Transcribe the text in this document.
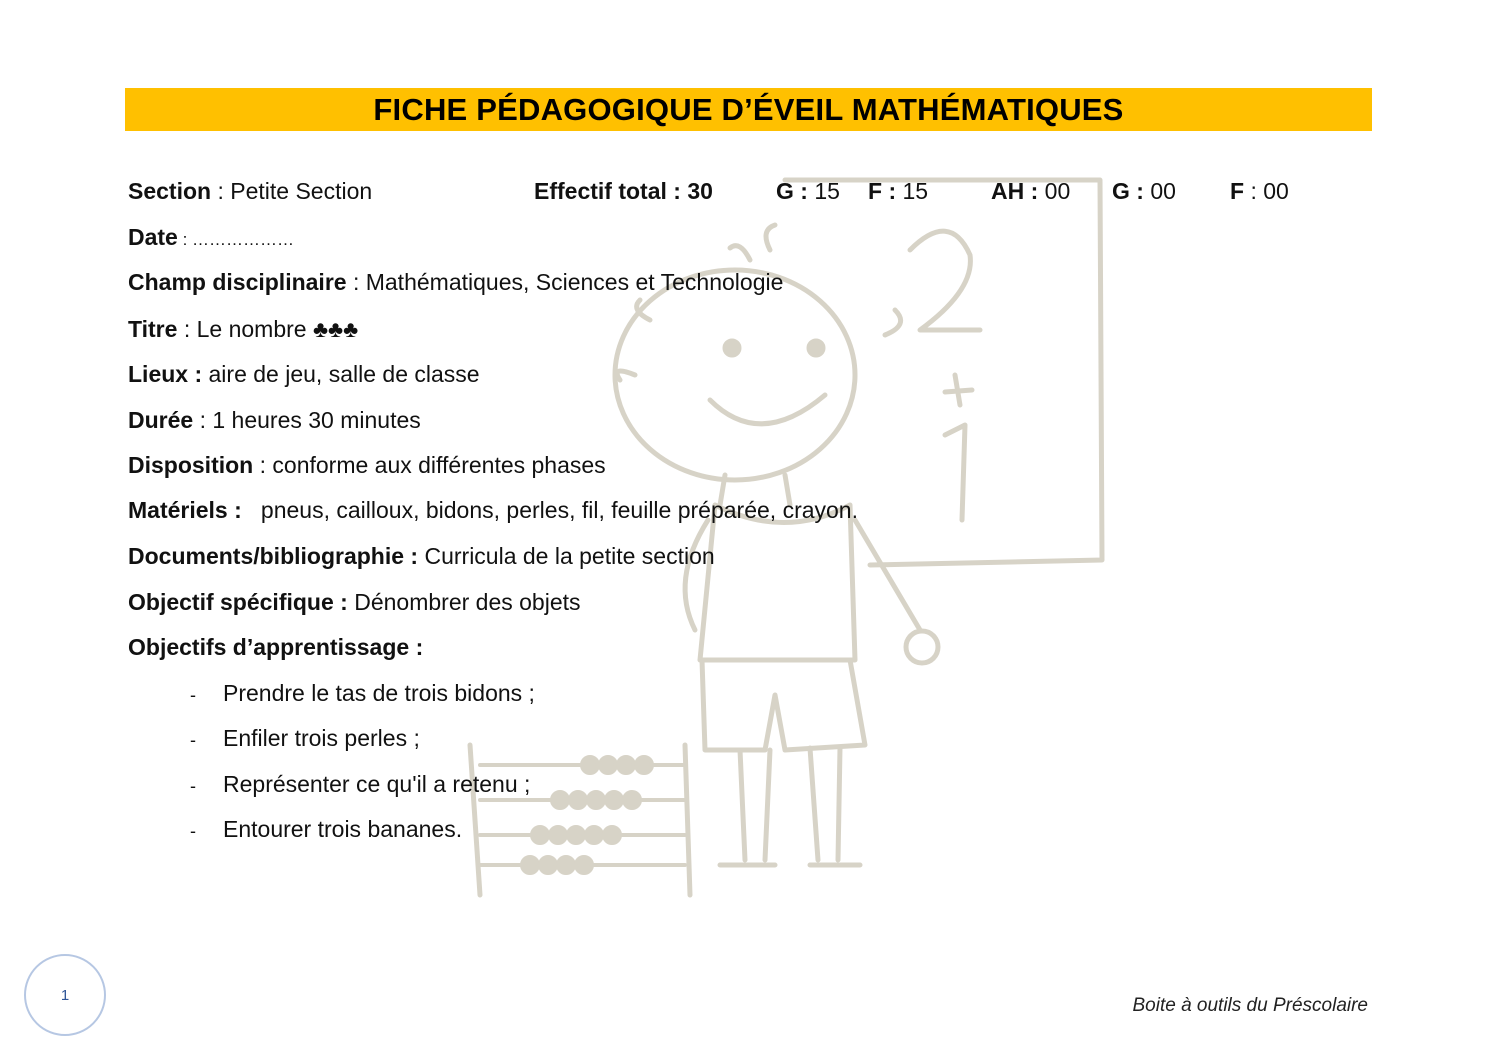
FICHE PÉDAGOGIQUE D’ÉVEIL MATHÉMATIQUES
Section : Petite Section	Effectif total : 30	G : 15 F : 15	AH : 00 G : 00 F : 00
Date : ………………
Champ disciplinaire : Mathématiques, Sciences et Technologie
Titre : Le nombre ♣♣♣
Lieux : aire de jeu, salle de classe
Durée : 1 heures 30 minutes
Disposition : conforme aux différentes phases
Matériels :   pneus, cailloux, bidons, perles, fil, feuille préparée, crayon.
Documents/bibliographie : Curricula de la petite section
Objectif spécifique : Dénombrer des objets
Objectifs d’apprentissage :
- Prendre le tas de trois bidons ;
- Enfiler trois perles ;
- Représenter ce qu'il a retenu ;
- Entourer trois bananes.
1	Boite à outils du Préscolaire
